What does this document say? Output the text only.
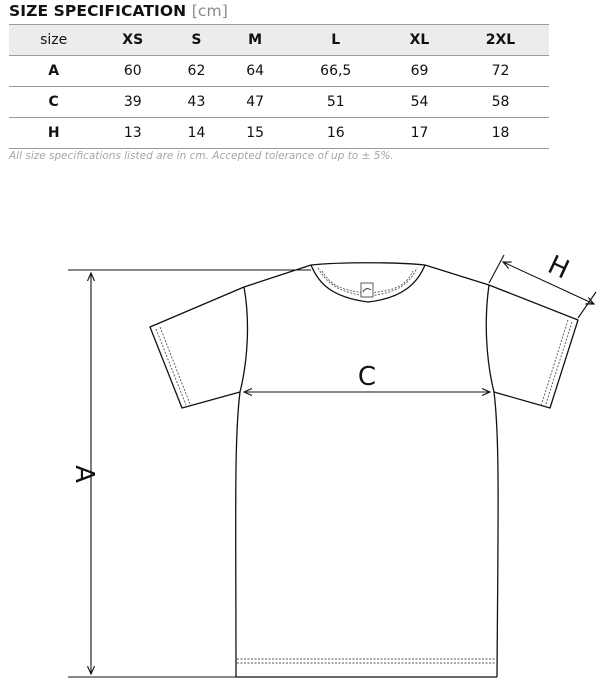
SIZE SPECIFICATION [cm]
size	XS	S	M	L	XL	2XL
A	60	62	64	66,5	69	72
C	39	43	47	51	54	58
H	13	14	15	16	17	18
All size specifications listed are in cm. Accepted tolerance of up to ± 5%.
A
C
H
